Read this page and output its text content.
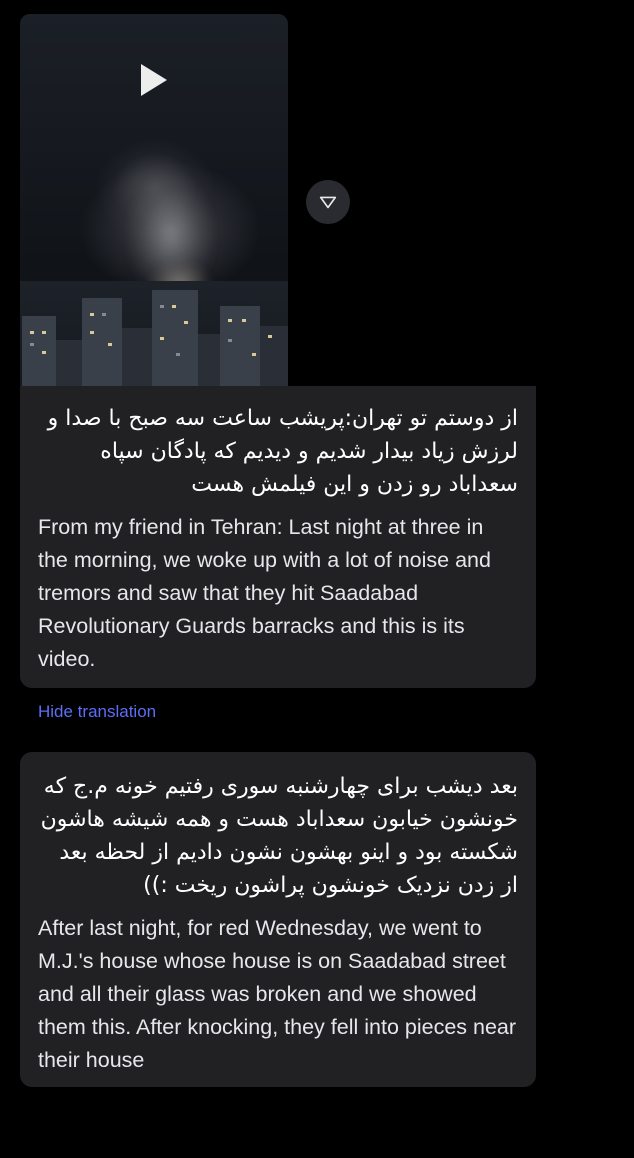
از دوستم تو تهران:پریشب ساعت سه صبح با صدا و لرزش زیاد بیدار شدیم و دیدیم که پادگان سپاه سعداباد رو زدن و این فیلمش هست
From my friend in Tehran: Last night at three in the morning, we woke up with a lot of noise and tremors and saw that they hit Saadabad Revolutionary Guards barracks and this is its video.
Hide translation
بعد دیشب برای چهارشنبه سوری رفتیم خونه م.ج که خونشون خیابون سعداباد هست و همه شیشه هاشون شکسته بود و اینو بهشون نشون دادیم از لحظه بعد از زدن نزدیک خونشون پراشون ریخت :))
After last night, for red Wednesday, we went to M.J.'s house whose house is on Saadabad street and all their glass was broken and we showed them this. After knocking, they fell into pieces near their house
